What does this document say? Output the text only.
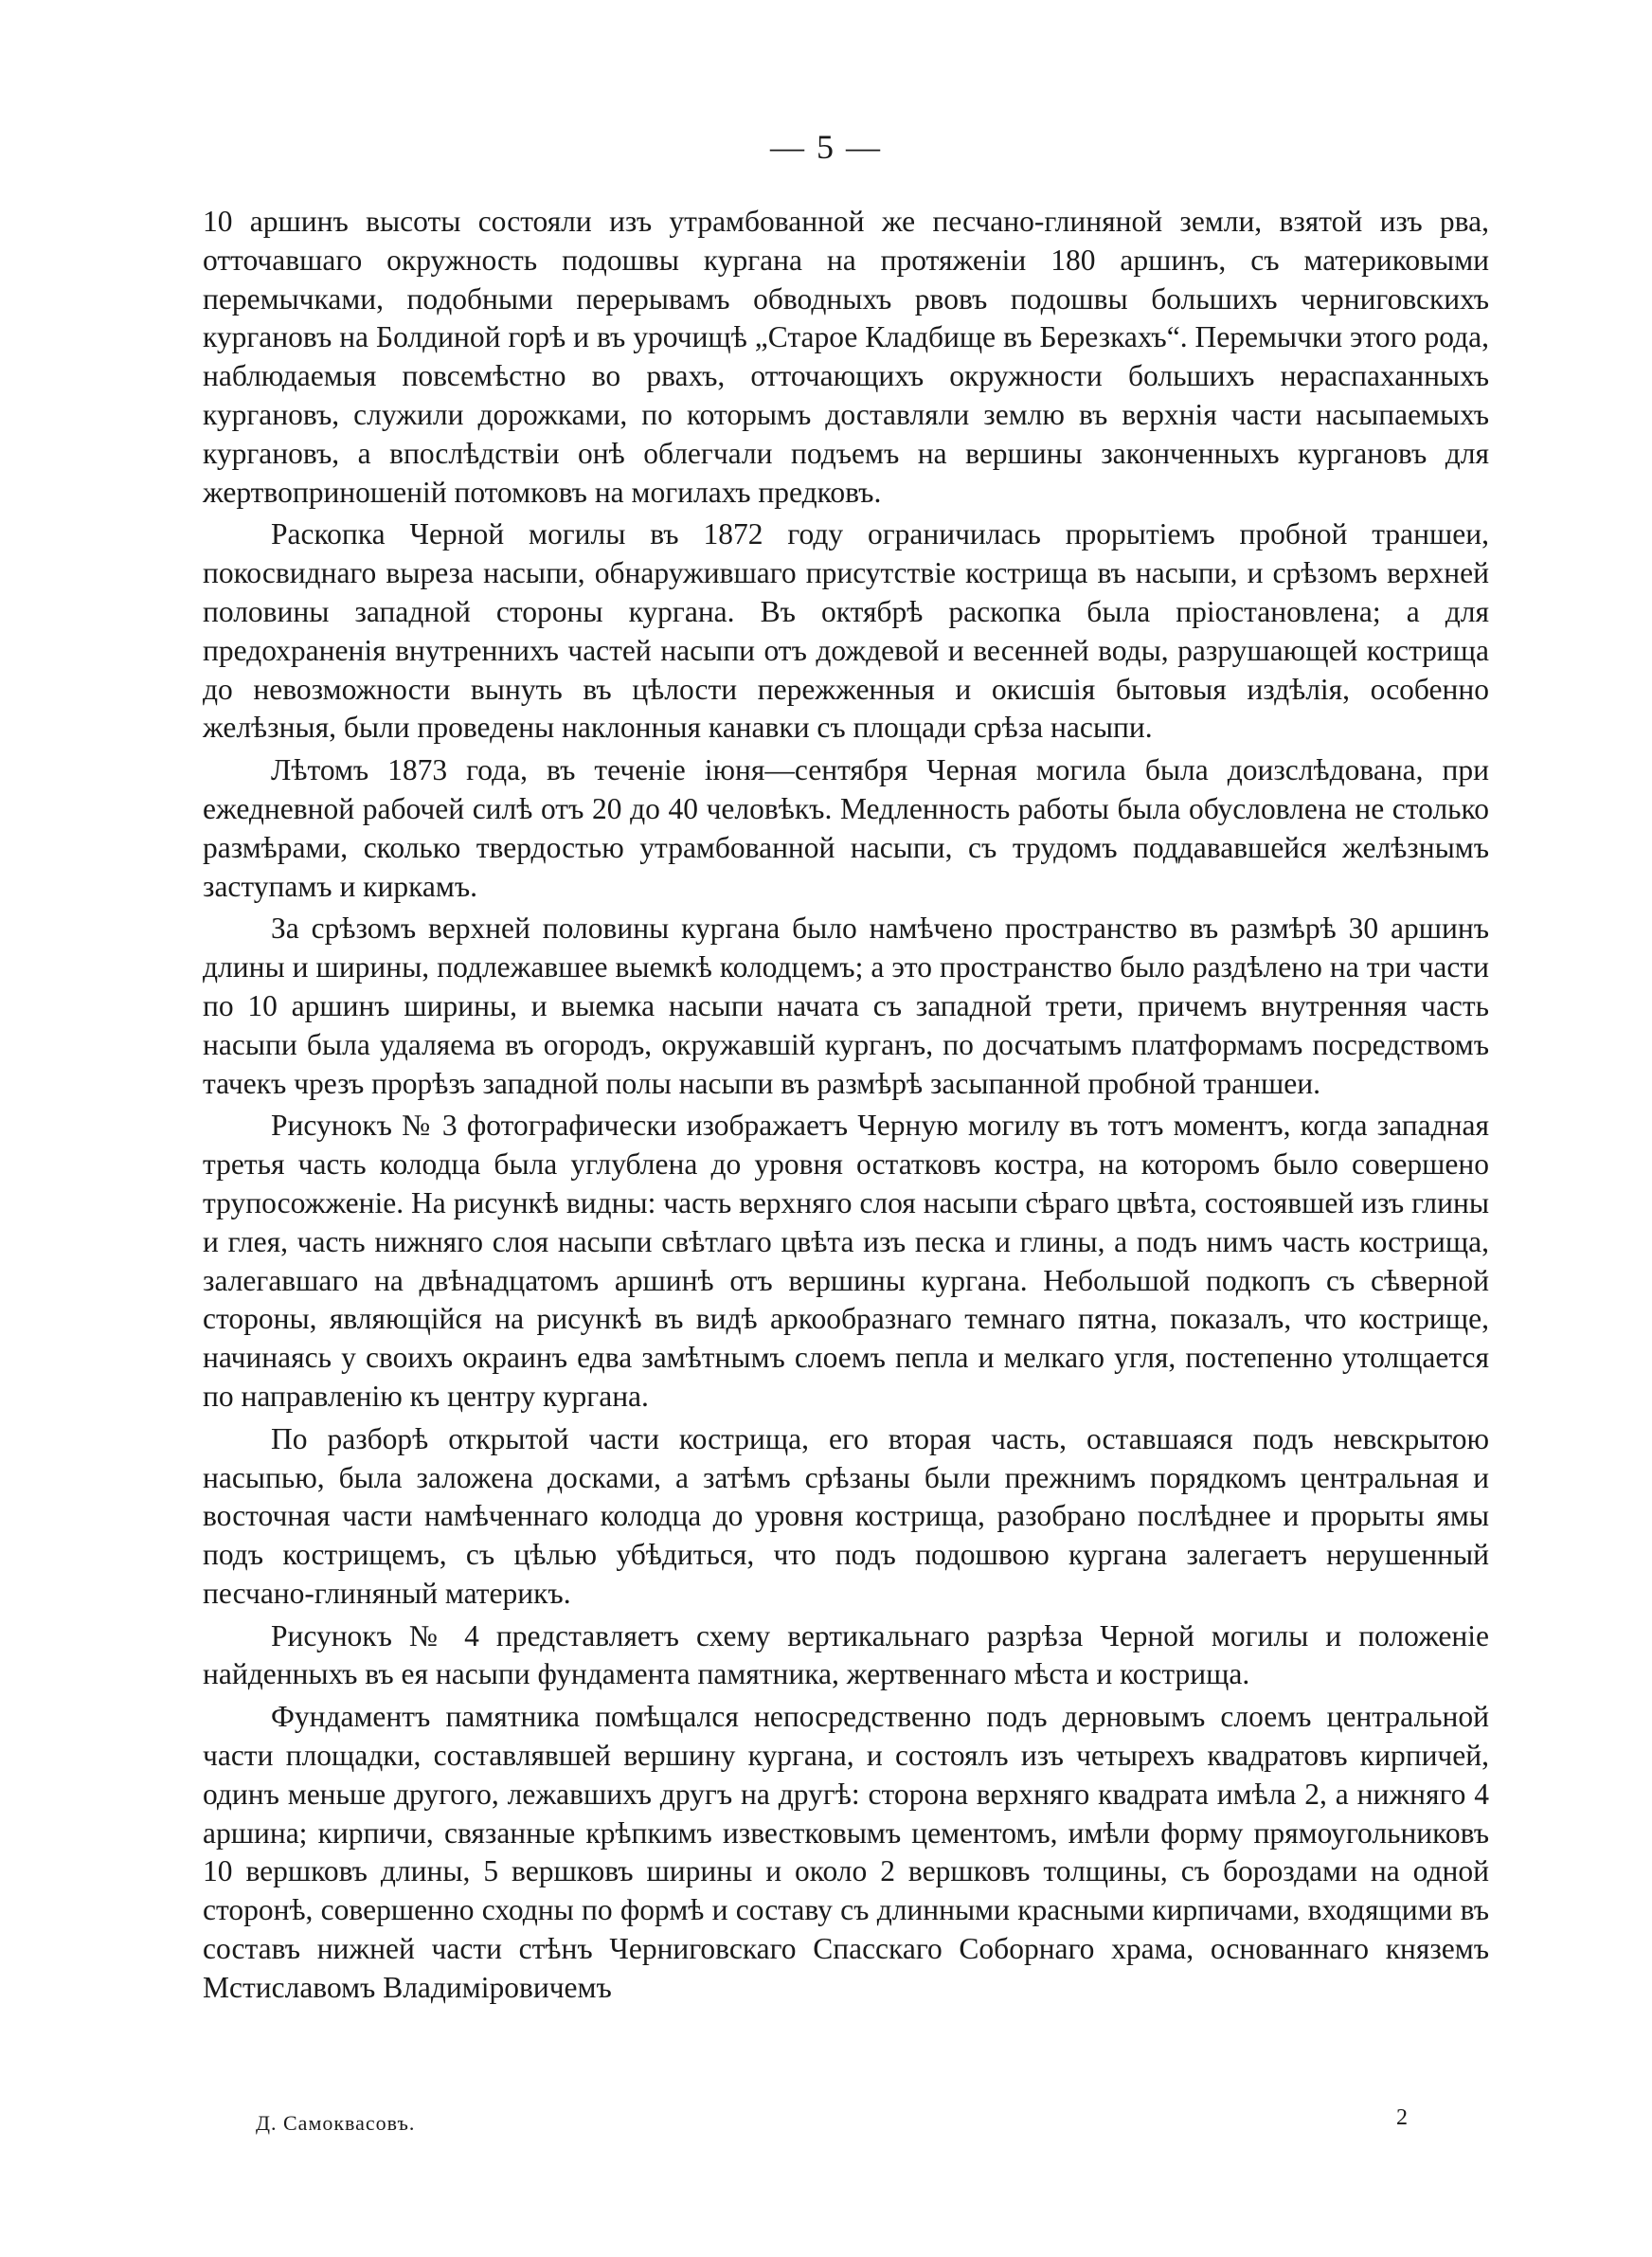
— 5 —

10 аршинъ высоты состояли изъ утрамбованной же песчано-глиняной земли, взятой изъ рва, отточавшаго окружность подошвы кургана на протяженіи 180 аршинъ, съ материковыми перемычками, подобными перерывамъ обводныхъ рвовъ подошвы большихъ черниговскихъ кургановъ на Болдиной горѣ и въ урочищѣ „Старое Кладбище въ Березкахъ“. Перемычки этого рода, наблюдаемыя повсемѣстно во рвахъ, отточающихъ окружности большихъ нераспаханныхъ кургановъ, служили дорожками, по которымъ доставляли землю въ верхнія части насыпаемыхъ кургановъ, а впослѣдствіи онѣ облегчали подъемъ на вершины законченныхъ кургановъ для жертвоприношеній потомковъ на могилахъ предковъ.

Раскопка Черной могилы въ 1872 году ограничилась прорытіемъ пробной траншеи, покосвиднаго выреза насыпи, обнаружившаго присутствіе кострища въ насыпи, и срѣзомъ верхней половины западной стороны кургана. Въ октябрѣ раскопка была пріостановлена; а для предохраненія внутреннихъ частей насыпи отъ дождевой и весенней воды, разрушающей кострища до невозможности вынуть въ цѣлости пережженныя и окисшія бытовыя издѣлія, особенно желѣзныя, были проведены наклонныя канавки съ площади срѣза насыпи.

Лѣтомъ 1873 года, въ теченіе іюня—сентября Черная могила была доизслѣдована, при ежедневной рабочей силѣ отъ 20 до 40 человѣкъ. Медленность работы была обусловлена не столько размѣрами, сколько твердостью утрамбованной насыпи, съ трудомъ поддававшейся желѣзнымъ заступамъ и киркамъ.

За срѣзомъ верхней половины кургана было намѣчено пространство въ размѣрѣ 30 аршинъ длины и ширины, подлежавшее выемкѣ колодцемъ; а это пространство было раздѣлено на три части по 10 аршинъ ширины, и выемка насыпи начата съ западной трети, причемъ внутренняя часть насыпи была удаляема въ огородъ, окружавшій курганъ, по досчатымъ платформамъ посредствомъ тачекъ чрезъ прорѣзъ западной полы насыпи въ размѣрѣ засыпанной пробной траншеи.

Рисунокъ № 3 фотографически изображаетъ Черную могилу въ тотъ моментъ, когда западная третья часть колодца была углублена до уровня остатковъ костра, на которомъ было совершено трупосожженіе. На рисункѣ видны: часть верхняго слоя насыпи сѣраго цвѣта, состоявшей изъ глины и глея, часть нижняго слоя насыпи свѣтлаго цвѣта изъ песка и глины, а подъ нимъ часть кострища, залегавшаго на двѣнадцатомъ аршинѣ отъ вершины кургана. Небольшой подкопъ съ сѣверной стороны, являющійся на рисункѣ въ видѣ аркообразнаго темнаго пятна, показалъ, что кострище, начинаясь у своихъ окраинъ едва замѣтнымъ слоемъ пепла и мелкаго угля, постепенно утолщается по направленію къ центру кургана.

По разборѣ открытой части кострища, его вторая часть, оставшаяся подъ невскрытою насыпью, была заложена досками, а затѣмъ срѣзаны были прежнимъ порядкомъ центральная и восточная части намѣченнаго колодца до уровня кострища, разобрано послѣднее и прорыты ямы подъ кострищемъ, съ цѣлью убѣдиться, что подъ подошвою кургана залегаетъ нерушенный песчано-глиняный материкъ.

Рисунокъ № 4 представляетъ схему вертикальнаго разрѣза Черной могилы и положеніе найденныхъ въ ея насыпи фундамента памятника, жертвеннаго мѣста и кострища.

Фундаментъ памятника помѣщался непосредственно подъ дерновымъ слоемъ центральной части площадки, составлявшей вершину кургана, и состоялъ изъ четырехъ квадратовъ кирпичей, одинъ меньше другого, лежавшихъ другъ на другѣ: сторона верхняго квадрата имѣла 2, а нижняго 4 аршина; кирпичи, связанные крѣпкимъ известковымъ цементомъ, имѣли форму прямоугольниковъ 10 вершковъ длины, 5 вершковъ ширины и около 2 вершковъ толщины, съ бороздами на одной сторонѣ, совершенно сходны по формѣ и составу съ длинными красными кирпичами, входящими въ составъ нижней части стѣнъ Черниговскаго Спасскаго Соборнаго храма, основаннаго княземъ Мстиславомъ Владиміровичемъ

Д. Самоквасовъ.	2
